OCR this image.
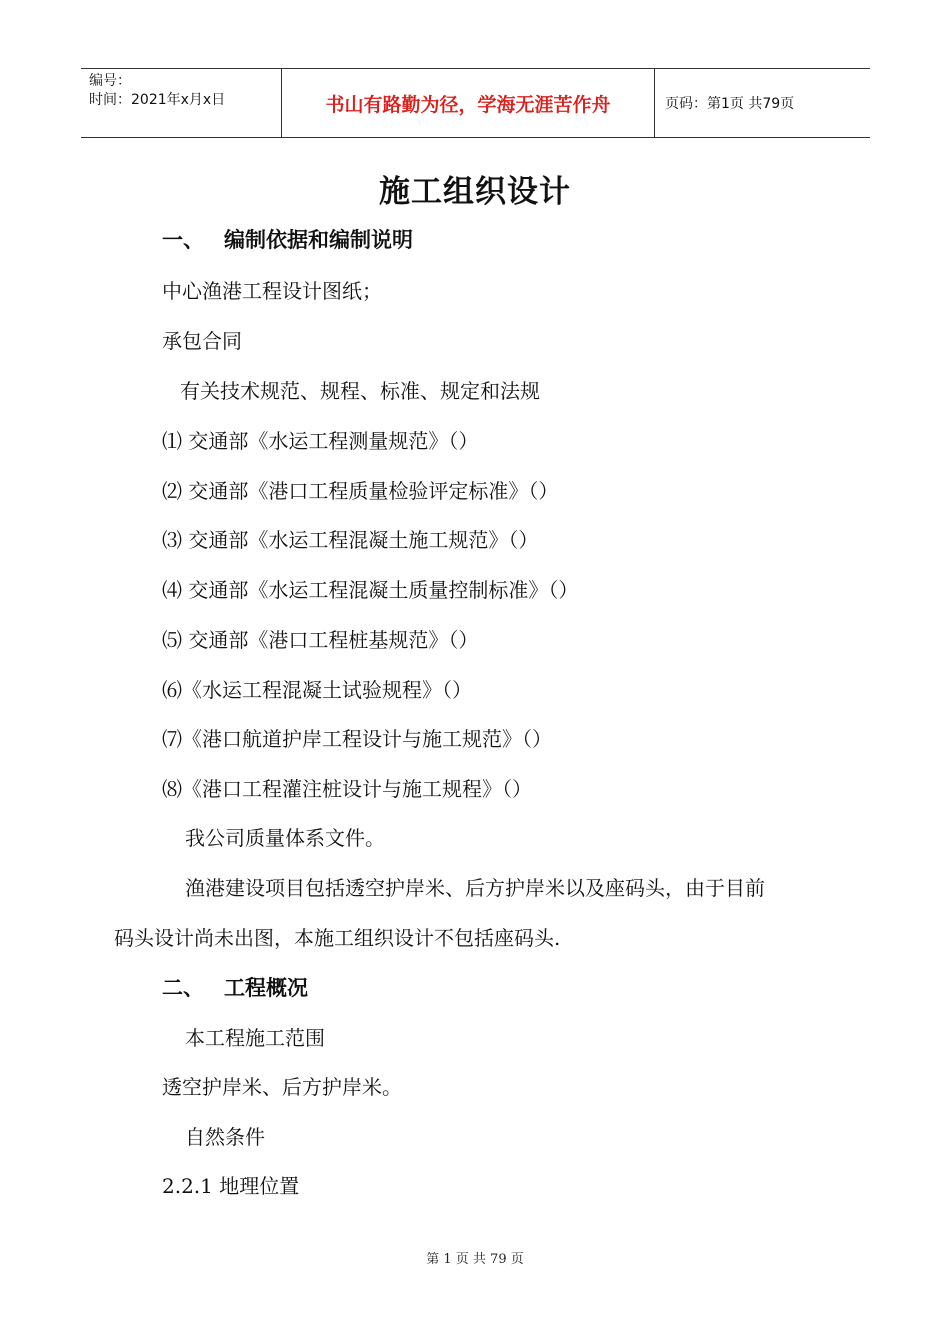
编号：
时间：2021年x月x日	书山有路勤为径，学海无涯苦作舟	页码：第1页 共79页
施工组织设计
一、 编制依据和编制说明
中心渔港工程设计图纸；
承包合同
有关技术规范、规程、标准、规定和法规
⑴ 交通部《水运工程测量规范》（）
⑵ 交通部《港口工程质量检验评定标准》（）
⑶ 交通部《水运工程混凝土施工规范》（）
⑷ 交通部《水运工程混凝土质量控制标准》（）
⑸ 交通部《港口工程桩基规范》（）
⑹《水运工程混凝土试验规程》（）
⑺《港口航道护岸工程设计与施工规范》（）
⑻《港口工程灌注桩设计与施工规程》（）
我公司质量体系文件。
渔港建设项目包括透空护岸米、后方护岸米以及座码头，由于目前
码头设计尚未出图，本施工组织设计不包括座码头.
二、 工程概况
本工程施工范围
透空护岸米、后方护岸米。
自然条件
2.2.1 地理位置
第 1 页 共 79 页
